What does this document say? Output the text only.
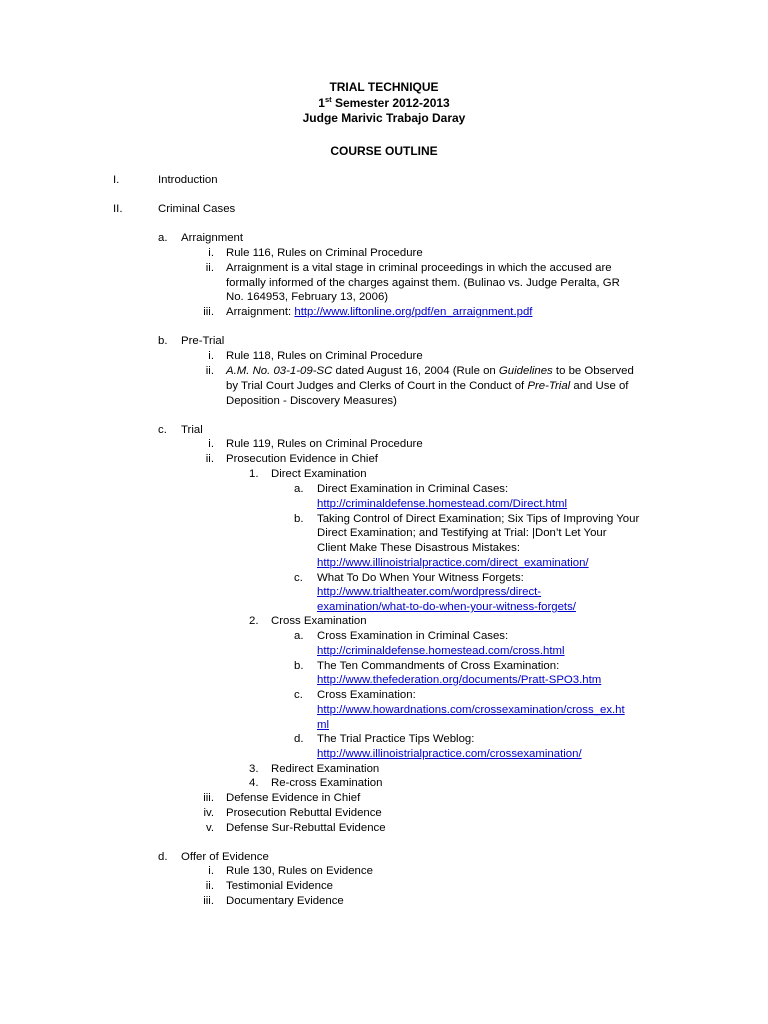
TRIAL TECHNIQUE
1st Semester 2012-2013
Judge Marivic Trabajo Daray
COURSE OUTLINE
I.	Introduction
II.	Criminal Cases
a. Arraignment
i. Rule 116, Rules on Criminal Procedure
ii. Arraignment is a vital stage in criminal proceedings in which the accused are
formally informed of the charges against them. (Bulinao vs. Judge Peralta, GR
No. 164953, February 13, 2006)
iii. Arraignment: http://www.liftonline.org/pdf/en_arraignment.pdf
b. Pre-Trial
i. Rule 118, Rules on Criminal Procedure
ii. A.M. No. 03-1-09-SC dated August 16, 2004 (Rule on Guidelines to be Observed
by Trial Court Judges and Clerks of Court in the Conduct of Pre-Trial and Use of
Deposition - Discovery Measures)
c. Trial
i. Rule 119, Rules on Criminal Procedure
ii. Prosecution Evidence in Chief
1. Direct Examination
a. Direct Examination in Criminal Cases:
http://criminaldefense.homestead.com/Direct.html
b. Taking Control of Direct Examination; Six Tips of Improving Your
Direct Examination; and Testifying at Trial: |Don’t Let Your
Client Make These Disastrous Mistakes:
http://www.illinoistrialpractice.com/direct_examination/
c. What To Do When Your Witness Forgets:
http://www.trialtheater.com/wordpress/direct-
examination/what-to-do-when-your-witness-forgets/
2. Cross Examination
a. Cross Examination in Criminal Cases:
http://criminaldefense.homestead.com/cross.html
b. The Ten Commandments of Cross Examination:
http://www.thefederation.org/documents/Pratt-SPO3.htm
c. Cross Examination:
http://www.howardnations.com/crossexamination/cross_ex.ht
ml
d. The Trial Practice Tips Weblog:
http://www.illinoistrialpractice.com/crossexamination/
3. Redirect Examination
4. Re-cross Examination
iii. Defense Evidence in Chief
iv. Prosecution Rebuttal Evidence
v. Defense Sur-Rebuttal Evidence
d. Offer of Evidence
i. Rule 130, Rules on Evidence
ii. Testimonial Evidence
iii. Documentary Evidence
